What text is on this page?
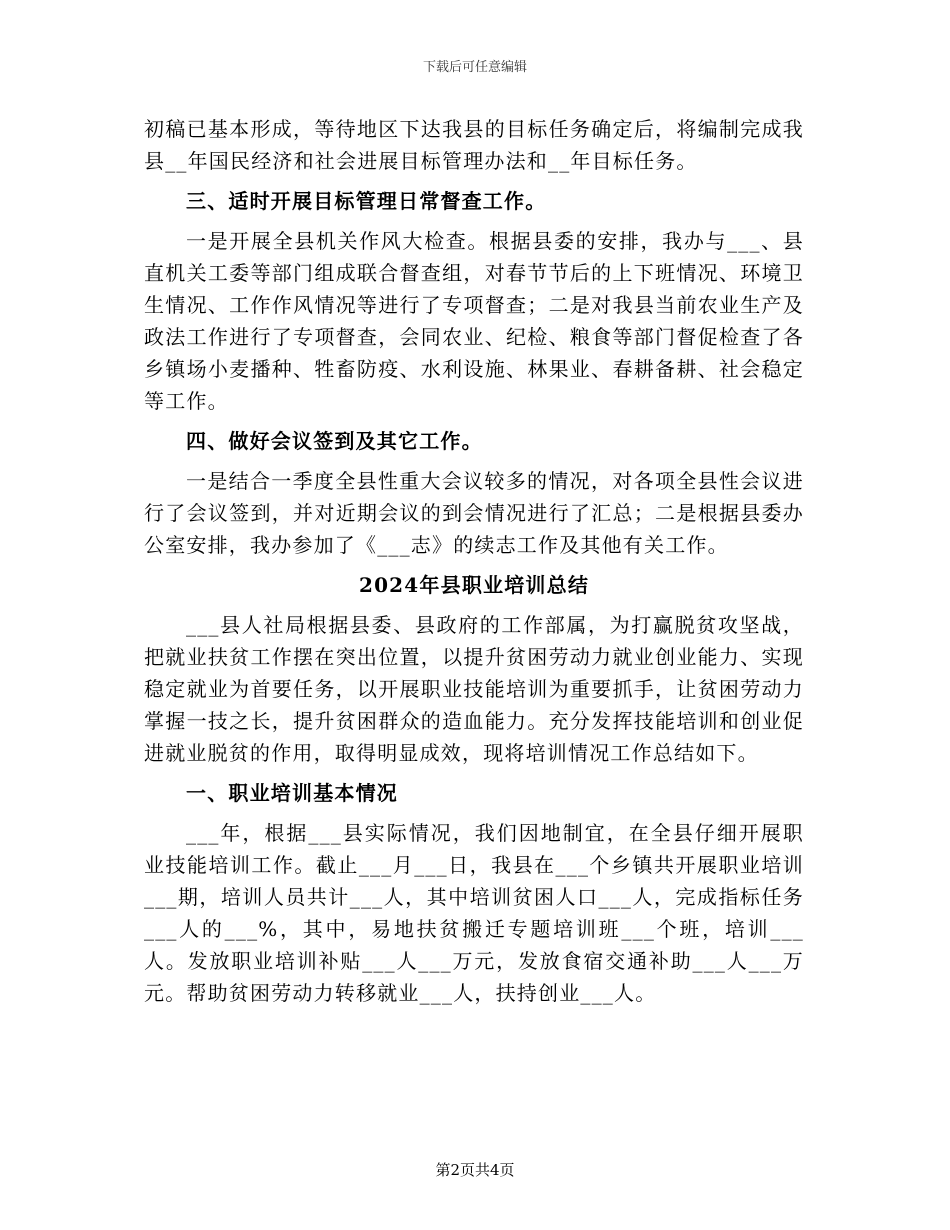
下载后可任意编辑

初稿已基本形成，等待地区下达我县的目标任务确定后，将编制完成我县__年国民经济和社会进展目标管理办法和__年目标任务。

三、适时开展目标管理日常督查工作。

一是开展全县机关作风大检查。根据县委的安排，我办与___、县直机关工委等部门组成联合督查组，对春节节后的上下班情况、环境卫生情况、工作作风情况等进行了专项督查；二是对我县当前农业生产及政法工作进行了专项督查，会同农业、纪检、粮食等部门督促检查了各乡镇场小麦播种、牲畜防疫、水利设施、林果业、春耕备耕、社会稳定等工作。

四、做好会议签到及其它工作。

一是结合一季度全县性重大会议较多的情况，对各项全县性会议进行了会议签到，并对近期会议的到会情况进行了汇总；二是根据县委办公室安排，我办参加了《___志》的续志工作及其他有关工作。

2024年县职业培训总结

___县人社局根据县委、县政府的工作部属，为打赢脱贫攻坚战，把就业扶贫工作摆在突出位置，以提升贫困劳动力就业创业能力、实现稳定就业为首要任务，以开展职业技能培训为重要抓手，让贫困劳动力掌握一技之长，提升贫困群众的造血能力。充分发挥技能培训和创业促进就业脱贫的作用，取得明显成效，现将培训情况工作总结如下。

一、职业培训基本情况

___年，根据___县实际情况，我们因地制宜，在全县仔细开展职业技能培训工作。截止___月___日，我县在___个乡镇共开展职业培训___期，培训人员共计___人，其中培训贫困人口___人，完成指标任务___人的___%，其中，易地扶贫搬迁专题培训班___个班，培训___人。发放职业培训补贴___人___万元，发放食宿交通补助___人___万元。帮助贫困劳动力转移就业___人，扶持创业___人。

第2页共4页
